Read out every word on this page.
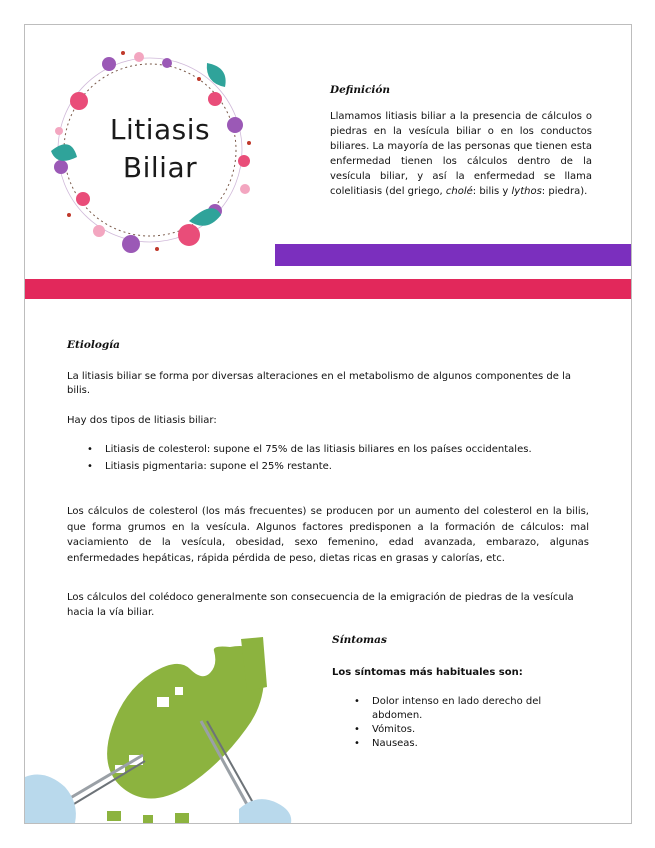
Litiasis
Biliar
Definición

Llamamos litiasis biliar a la presencia de cálculos o piedras en la vesícula biliar o en los conductos biliares. La mayoría de las personas que tienen esta enfermedad tienen los cálculos dentro de la vesícula biliar, y así la enfermedad se llama colelitiasis (del griego, cholé: bilis y lythos: piedra).

Etiología

La litiasis biliar se forma por diversas alteraciones en el metabolismo de algunos componentes de la bilis.

Hay dos tipos de litiasis biliar:

• Litiasis de colesterol: supone el 75% de las litiasis biliares en los países occidentales.
• Litiasis pigmentaria: supone el 25% restante.

Los cálculos de colesterol (los más frecuentes) se producen por un aumento del colesterol en la bilis, que forma grumos en la vesícula. Algunos factores predisponen a la formación de cálculos: mal vaciamiento de la vesícula, obesidad, sexo femenino, edad avanzada, embarazo, algunas enfermedades hepáticas, rápida pérdida de peso, dietas ricas en grasas y calorías, etc.

Los cálculos del colédoco generalmente son consecuencia de la emigración de piedras de la vesícula hacia la vía biliar.

Síntomas

Los síntomas más habituales son:

• Dolor intenso en lado derecho del abdomen.
• Vómitos.
• Nauseas.
